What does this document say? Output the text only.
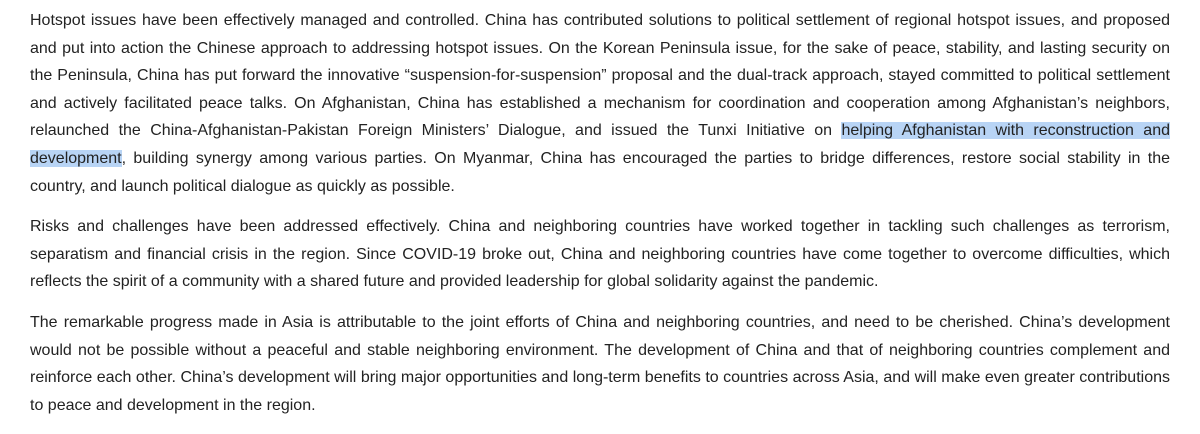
Hotspot issues have been effectively managed and controlled. China has contributed solutions to political settlement of regional hotspot issues, and proposed and put into action the Chinese approach to addressing hotspot issues. On the Korean Peninsula issue, for the sake of peace, stability, and lasting security on the Peninsula, China has put forward the innovative “suspension-for-suspension” proposal and the dual-track approach, stayed committed to political settlement and actively facilitated peace talks. On Afghanistan, China has established a mechanism for coordination and cooperation among Afghanistan’s neighbors, relaunched the China-Afghanistan-Pakistan Foreign Ministers’ Dialogue, and issued the Tunxi Initiative on helping Afghanistan with reconstruction and development, building synergy among various parties. On Myanmar, China has encouraged the parties to bridge differences, restore social stability in the country, and launch political dialogue as quickly as possible.

Risks and challenges have been addressed effectively. China and neighboring countries have worked together in tackling such challenges as terrorism, separatism and financial crisis in the region. Since COVID-19 broke out, China and neighboring countries have come together to overcome difficulties, which reflects the spirit of a community with a shared future and provided leadership for global solidarity against the pandemic.

The remarkable progress made in Asia is attributable to the joint efforts of China and neighboring countries, and need to be cherished. China’s development would not be possible without a peaceful and stable neighboring environment. The development of China and that of neighboring countries complement and reinforce each other. China’s development will bring major opportunities and long-term benefits to countries across Asia, and will make even greater contributions to peace and development in the region.
